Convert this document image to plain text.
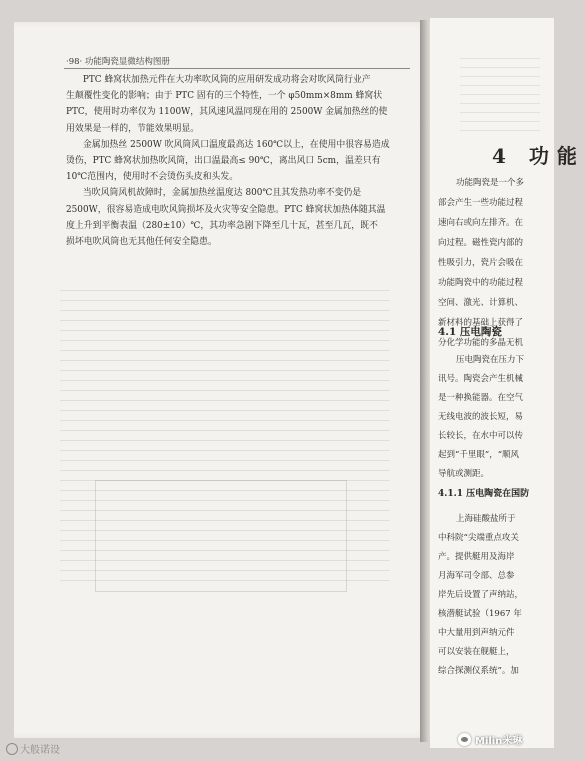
·98· 功能陶瓷显微结构图册

PTC 蜂窝状加热元件在大功率吹风筒的应用研发成功将会对吹风筒行业产
生颠覆性变化的影响；由于 PTC 固有的三个特性，一个 φ50mm×8mm 蜂窝状
PTC，使用时功率仅为 1100W，其风速风温同现在用的 2500W 金属加热丝的使
用效果是一样的，节能效果明显。

金属加热丝 2500W 吹风筒风口温度最高达 160℃以上，在使用中很容易造成
烫伤，PTC 蜂窝状加热吹风筒，出口温最高≤ 90℃，离出风口 5cm，温差只有
10℃范围内，使用时不会烫伤头皮和头发。

当吹风筒风机故障时，金属加热丝温度达 800℃且其发热功率不变仍是
2500W，很容易造成电吹风筒损坏及火灾等安全隐患。PTC 蜂窝状加热体随其温
度上升到平衡表温（280±10）℃，其功率急剧下降至几十瓦，甚至几瓦，既不
损坏电吹风筒也无其他任何安全隐患。

4 功能
功能陶瓷是一个多
部会产生一些功能过程
速向右或向左排齐。在
向过程。磁性瓷内部的
性吸引力，瓷片会吸在
功能陶瓷中的功能过程
空间、激光、计算机、
新材料的基础上获得了
分化学功能的多晶无机
4.1 压电陶瓷
压电陶瓷在压力下
讯号。陶瓷会产生机械
是一种换能器。在空气
无线电波的波长短，易
长较长，在水中可以传
起到“千里眼”，“顺风
导航或测距。
4.1.1 压电陶瓷在国防
上海硅酸盐所于
中科院“尖端重点攻关
产。提供艇用及海岸
月海军司令部、总参
岸先后设置了声纳站，
核潜艇试验（1967 年
中大量用到声纳元件
可以安装在舰艇上，
综合探测仪系统”。加
大般诺设
Milin米琳
